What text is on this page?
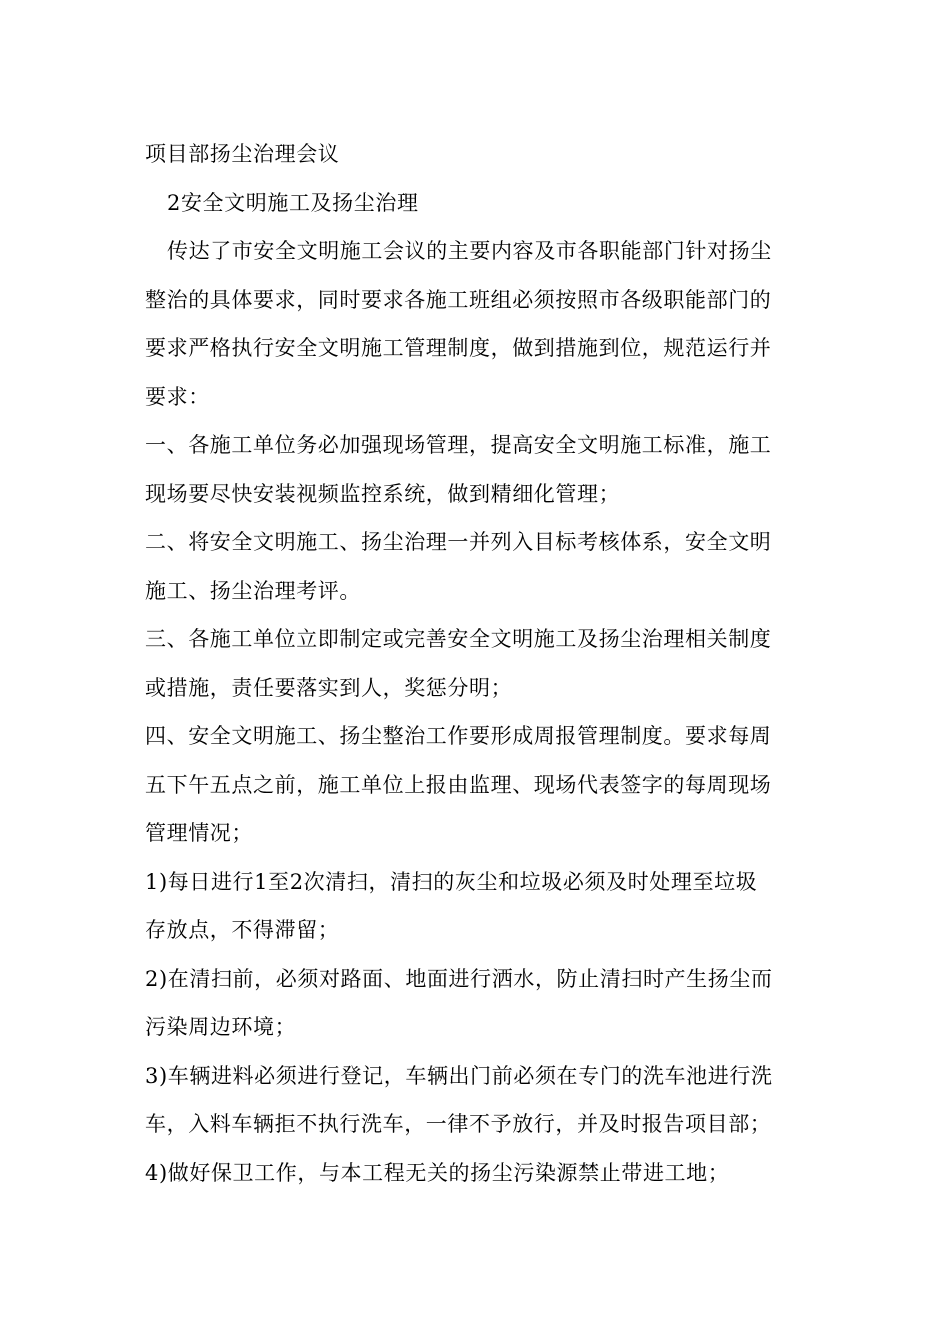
项目部扬尘治理会议
2安全文明施工及扬尘治理
传达了市安全文明施工会议的主要内容及市各职能部门针对扬尘
整治的具体要求，同时要求各施工班组必须按照市各级职能部门的
要求严格执行安全文明施工管理制度，做到措施到位，规范运行并
要求：
一、各施工单位务必加强现场管理，提高安全文明施工标准，施工
现场要尽快安装视频监控系统，做到精细化管理；
二、将安全文明施工、扬尘治理一并列入目标考核体系，安全文明
施工、扬尘治理考评。
三、各施工单位立即制定或完善安全文明施工及扬尘治理相关制度
或措施，责任要落实到人，奖惩分明；
四、安全文明施工、扬尘整治工作要形成周报管理制度。要求每周
五下午五点之前，施工单位上报由监理、现场代表签字的每周现场
管理情况；
1)每日进行1至2次清扫，清扫的灰尘和垃圾必须及时处理至垃圾
存放点，不得滞留；
2)在清扫前，必须对路面、地面进行洒水，防止清扫时产生扬尘而
污染周边环境；
3)车辆进料必须进行登记，车辆出门前必须在专门的洗车池进行洗
车，入料车辆拒不执行洗车，一律不予放行，并及时报告项目部；
4)做好保卫工作，与本工程无关的扬尘污染源禁止带进工地；
